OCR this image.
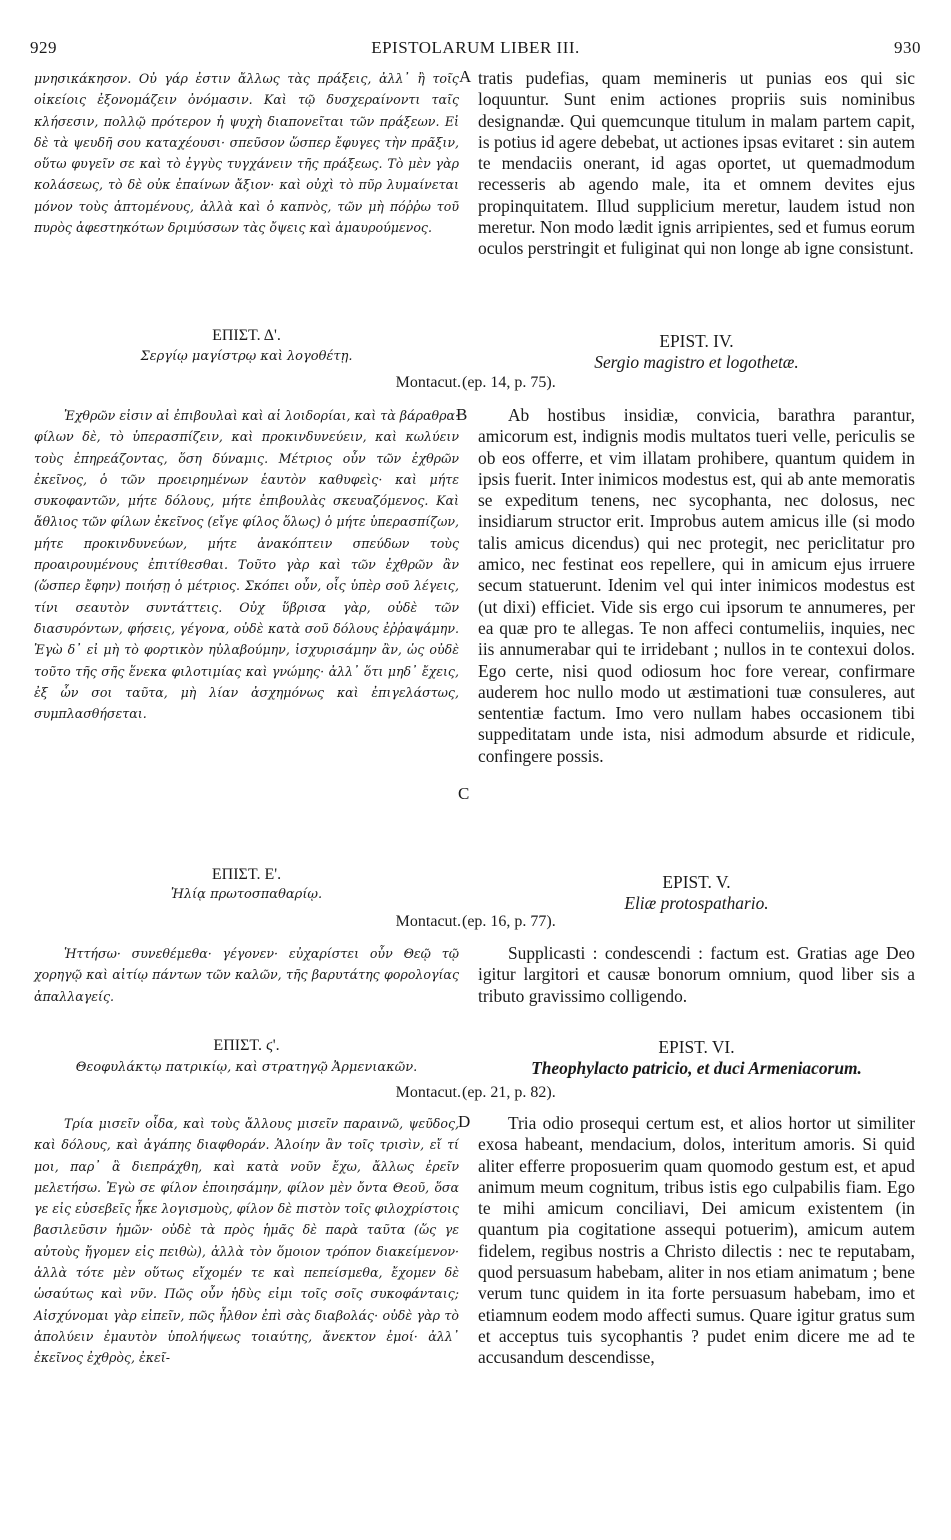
929	EPISTOLARUM LIBER III.	930
A
B
C
D

μνησικάκησον. Οὐ γάρ ἐστιν ἄλλως τὰς πράξεις, ἀλλ᾽ ἢ τοῖς οἰκείοις ἐξονομάζειν ὀνόμασιν. Καὶ τῷ δυσχεραίνοντι ταῖς κλήσεσιν, πολλῷ πρότερον ἡ ψυχὴ διαπονεῖται τῶν πράξεων. Εἰ δὲ τὰ ψευδῆ σου καταχέουσι· σπεῦσον ὥσπερ ἔφυγες τὴν πρᾶξιν, οὕτω φυγεῖν σε καὶ τὸ ἐγγὺς τυγχάνειν τῆς πράξεως. Τὸ μὲν γὰρ κολάσεως, τὸ δὲ οὐκ ἐπαίνων ἄξιον· καὶ οὐχὶ τὸ πῦρ λυμαίνεται μόνον τοὺς ἁπτομένους, ἀλλὰ καὶ ὁ καπνὸς, τῶν μὴ πόῤῥω τοῦ πυρὸς ἀφεστηκότων δριμύσσων τὰς ὄψεις καὶ ἀμαυρούμενος.

ΕΠΙΣΤ. Δ'.
Σεργίῳ μαγίστρῳ καὶ λογοθέτῃ.
Montacut.

Ἐχθρῶν εἰσιν αἱ ἐπιβουλαὶ καὶ αἱ λοιδορίαι, καὶ τὰ βάραθρα· φίλων δὲ, τὸ ὑπερασπίζειν, καὶ προκινδυνεύειν, καὶ κωλύειν τοὺς ἐπηρεάζοντας, ὅση δύναμις. Μέτριος οὖν τῶν ἐχθρῶν ἐκεῖνος, ὁ τῶν προειρημένων ἑαυτὸν καθυφεὶς· καὶ μήτε συκοφαντῶν, μήτε δόλους, μήτε ἐπιβουλὰς σκευαζόμενος. Καὶ ἄθλιος τῶν φίλων ἐκεῖνος (εἴγε φίλος ὅλως) ὁ μήτε ὑπερασπίζων, μήτε προκινδυνεύων, μήτε ἀνακόπτειν σπεύδων τοὺς προαιρουμένους ἐπιτίθεσθαι. Τοῦτο γὰρ καὶ τῶν ἐχθρῶν ἂν (ὥσπερ ἔφην) ποιήσῃ ὁ μέτριος. Σκόπει οὖν, οἷς ὑπὲρ σοῦ λέγεις, τίνι σεαυτὸν συντάττεις. Οὐχ ὕβρισα γὰρ, οὐδὲ τῶν διασυρόντων, φήσεις, γέγονα, οὐδὲ κατὰ σοῦ δόλους ἐῤῥαψάμην. Ἐγὼ δ᾽ εἰ μὴ τὸ φορτικὸν ηὐλαβούμην, ἰσχυρισάμην ἂν, ὡς οὐδὲ τοῦτο τῆς σῆς ἕνεκα φιλοτιμίας καὶ γνώμης· ἀλλ᾽ ὅτι μηδ᾽ ἔχεις, ἐξ ὧν σοι ταῦτα, μὴ λίαν ἀσχημόνως καὶ ἐπιγελάστως, συμπλασθήσεται.

ΕΠΙΣΤ. Ε'.
Ἠλίᾳ πρωτοσπαθαρίῳ.
Montacut.

Ἡττήσω· συνεθέμεθα· γέγονεν· εὐχαρίστει οὖν Θεῷ τῷ χορηγῷ καὶ αἰτίῳ πάντων τῶν καλῶν, τῆς βαρυτάτης φορολογίας ἀπαλλαγείς.

ΕΠΙΣΤ. ϛ'.
Θεοφυλάκτῳ πατρικίῳ, καὶ στρατηγῷ Ἀρμενιακῶν.
Montacut.

Τρία μισεῖν οἶδα, καὶ τοὺς ἄλλους μισεῖν παραινῶ, ψεῦδος, καὶ δόλους, καὶ ἀγάπης διαφθοράν. Ἁλοίην ἂν τοῖς τρισὶν, εἴ τί μοι, παρ᾽ ἃ διεπράχθη, καὶ κατὰ νοῦν ἔχω, ἄλλως ἐρεῖν μελετήσω. Ἐγὼ σε φίλον ἐποιησάμην, φίλον μὲν ὄντα Θεοῦ, ὅσα γε εἰς εὐσεβεῖς ἧκε λογισμοὺς, φίλον δὲ πιστὸν τοῖς φιλοχρίστοις βασιλεῦσιν ἡμῶν· οὐδὲ τὰ πρὸς ἡμᾶς δὲ παρὰ ταῦτα (ὥς γε αὐτοὺς ἤγομεν εἰς πειθὼ), ἀλλὰ τὸν ὅμοιον τρόπον διακείμενον· ἀλλὰ τότε μὲν οὕτως εἴχομέν τε καὶ πεπείσμεθα, ἔχομεν δὲ ὡσαύτως καὶ νῦν. Πῶς οὖν ἡδὺς εἰμι τοῖς σοῖς συκοφάνταις; Αἰσχύνομαι γὰρ εἰπεῖν, πῶς ἦλθον ἐπὶ σὰς διαβολάς· οὐδὲ γὰρ τὸ ἀπολύειν ἐμαυτὸν ὑπολήψεως τοιαύτης, ἄνεκτον ἐμοί· ἀλλ᾽ ἐκεῖνος ἐχθρὸς, ἐκεῖ-

tratis pudefias, quam memineris ut punias eos qui sic loquuntur. Sunt enim actiones propriis suis nominibus designandæ. Qui quemcunque titulum in malam partem capit, is potius id agere debebat, ut actiones ipsas evitaret : sin autem te mendaciis onerant, id agas oportet, ut quemadmodum recesseris ab agendo male, ita et omnem devites ejus propinquitatem. Illud supplicium meretur, laudem istud non meretur. Non modo lædit ignis arripientes, sed et fumus eorum oculos perstringit et fuliginat qui non longe ab igne consistunt.

EPIST. IV.
Sergio magistro et logothetæ.
(ep. 14, p. 75).

Ab hostibus insidiæ, convicia, barathra parantur, amicorum est, indignis modis multatos tueri velle, periculis se ob eos offerre, et vim illatam prohibere, quantum quidem in ipsis fuerit. Inter inimicos modestus est, qui ab ante memoratis se expeditum tenens, nec sycophanta, nec dolosus, nec insidiarum structor erit. Improbus autem amicus ille (si modo talis amicus dicendus) qui nec protegit, nec periclitatur pro amico, nec festinat eos repellere, qui in amicum ejus irruere secum statuerunt. Idenim vel qui inter inimicos modestus est (ut dixi) efficiet. Vide sis ergo cui ipsorum te annumeres, per ea quæ pro te allegas. Te non affeci contumeliis, inquies, nec iis annumerabar qui te irridebant ; nullos in te contexui dolos. Ego certe, nisi quod odiosum hoc fore verear, confirmare auderem hoc nullo modo ut æstimationi tuæ consuleres, aut sententiæ factum. Imo vero nullam habes occasionem tibi suppeditatam unde ista, nisi admodum absurde et ridicule, confingere possis.

EPIST. V.
Eliæ protospathario.
(ep. 16, p. 77).

Supplicasti : condescendi : factum est. Gratias age Deo igitur largitori et causæ bonorum omnium, quod liber sis a tributo gravissimo colligendo.

EPIST. VI.
Theophylacto patricio, et duci Armeniacorum.
(ep. 21, p. 82).

Tria odio prosequi certum est, et alios hortor ut similiter exosa habeant, mendacium, dolos, interitum amoris. Si quid aliter efferre proposuerim quam quomodo gestum est, et apud animum meum cognitum, tribus istis ego culpabilis fiam. Ego te mihi amicum conciliavi, Dei amicum existentem (in quantum pia cogitatione assequi potuerim), amicum autem fidelem, regibus nostris a Christo dilectis : nec te reputabam, quod persuasum habebam, aliter in nos etiam animatum ; bene verum tunc quidem in ita forte persuasum habebam, imo et etiamnum eodem modo affecti sumus. Quare igitur gratus sum et acceptus tuis sycophantis ? pudet enim dicere me ad te accusandum descendisse,
